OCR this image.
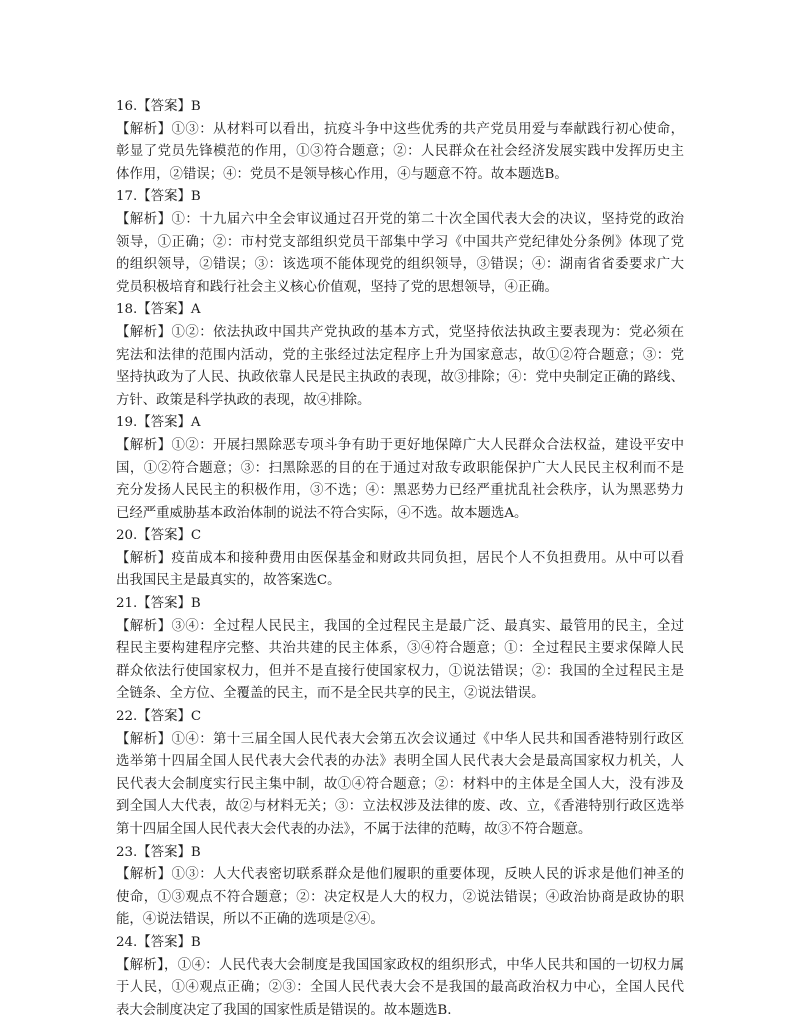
16.【答案】B
【解析】①③：从材料可以看出，抗疫斗争中这些优秀的共产党员用爱与奉献践行初心使命，
彰显了党员先锋模范的作用，①③符合题意；②：人民群众在社会经济发展实践中发挥历史主
体作用，②错误；④：党员不是领导核心作用，④与题意不符。故本题选B。
17.【答案】B
【解析】①：十九届六中全会审议通过召开党的第二十次全国代表大会的决议，坚持党的政治
领导，①正确；②：市村党支部组织党员干部集中学习《中国共产党纪律处分条例》体现了党
的组织领导，②错误；③：该选项不能体现党的组织领导，③错误；④：湖南省省委要求广大
党员积极培育和践行社会主义核心价值观，坚持了党的思想领导，④正确。
18.【答案】A
【解析】①②：依法执政中国共产党执政的基本方式，党坚持依法执政主要表现为：党必须在
宪法和法律的范围内活动，党的主张经过法定程序上升为国家意志，故①②符合题意；③：党
坚持执政为了人民、执政依靠人民是民主执政的表现，故③排除；④：党中央制定正确的路线、
方针、政策是科学执政的表现，故④排除。
19.【答案】A
【解析】①②：开展扫黑除恶专项斗争有助于更好地保障广大人民群众合法权益，建设平安中
国，①②符合题意；③：扫黑除恶的目的在于通过对敌专政职能保护广大人民民主权利而不是
充分发扬人民民主的积极作用，③不选；④：黑恶势力已经严重扰乱社会秩序，认为黑恶势力
已经严重威胁基本政治体制的说法不符合实际，④不选。故本题选A。
20.【答案】C
【解析】疫苗成本和接种费用由医保基金和财政共同负担，居民个人不负担费用。从中可以看
出我国民主是最真实的，故答案选C。
21.【答案】B
【解析】③④：全过程人民民主，我国的全过程民主是最广泛、最真实、最管用的民主，全过
程民主要构建程序完整、共治共建的民主体系，③④符合题意；①：全过程民主要求保障人民
群众依法行使国家权力，但并不是直接行使国家权力，①说法错误；②：我国的全过程民主是
全链条、全方位、全覆盖的民主，而不是全民共享的民主，②说法错误。
22.【答案】C
【解析】①④：第十三届全国人民代表大会第五次会议通过《中华人民共和国香港特别行政区
选举第十四届全国人民代表大会代表的办法》表明全国人民代表大会是最高国家权力机关，人
民代表大会制度实行民主集中制，故①④符合题意；②：材料中的主体是全国人大，没有涉及
到全国人大代表，故②与材料无关；③：立法权涉及法律的废、改、立，《香港特别行政区选举
第十四届全国人民代表大会代表的办法》，不属于法律的范畴，故③不符合题意。
23.【答案】B
【解析】①③：人大代表密切联系群众是他们履职的重要体现，反映人民的诉求是他们神圣的
使命，①③观点不符合题意；②：决定权是人大的权力，②说法错误；④政治协商是政协的职
能，④说法错误，所以不正确的选项是②④。
24.【答案】B
【解析】，①④：人民代表大会制度是我国国家政权的组织形式，中华人民共和国的一切权力属
于人民，①④观点正确；②③：全国人民代表大会不是我国的最高政治权力中心，全国人民代
表大会制度决定了我国的国家性质是错误的。故本题选B.
